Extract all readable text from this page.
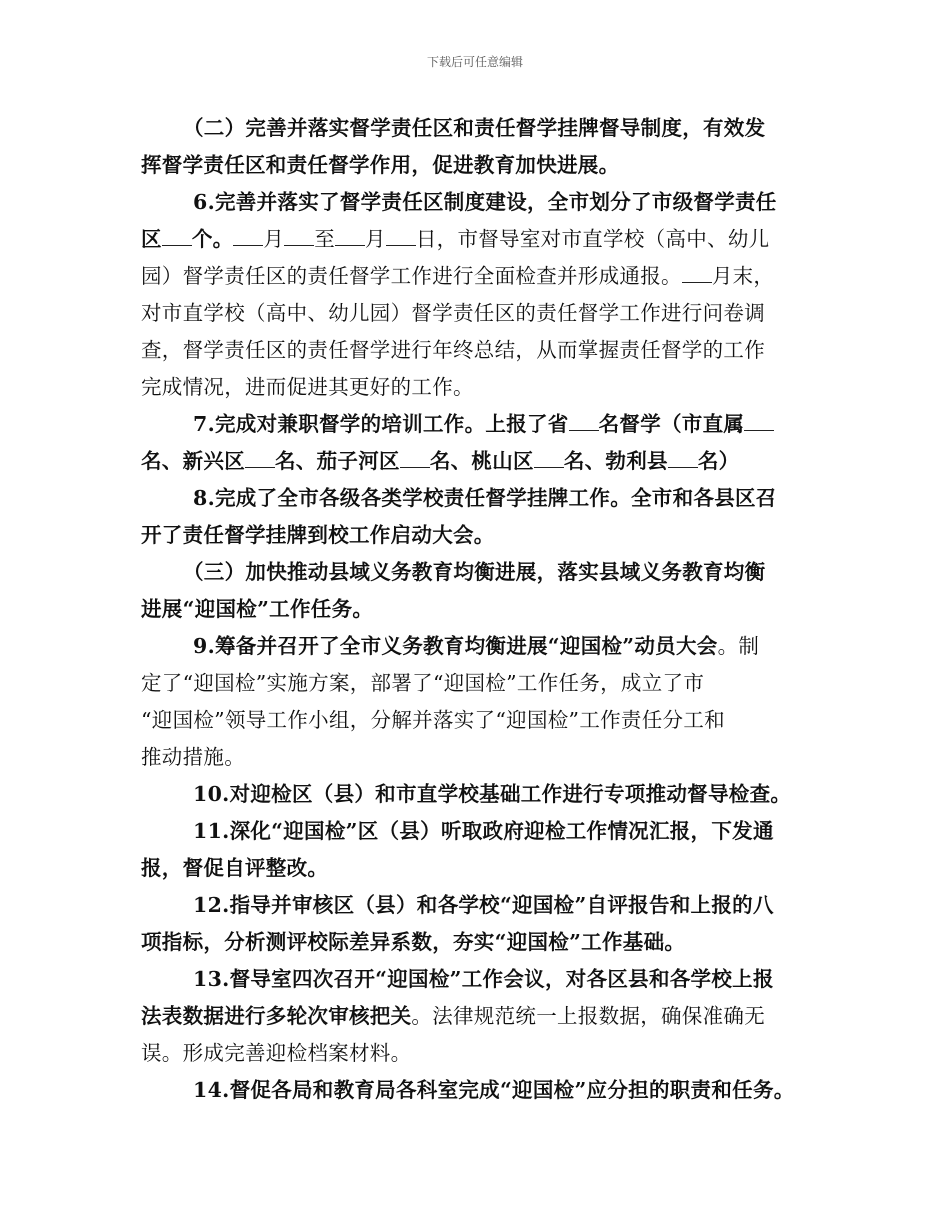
下载后可任意编辑
（二）完善并落实督学责任区和责任督学挂牌督导制度，有效发
挥督学责任区和责任督学作用，促进教育加快进展。
6.完善并落实了督学责任区制度建设，全市划分了市级督学责任
区 个。 月 至 月 日，市督导室对市直学校（高中、幼儿
园）督学责任区的责任督学工作进行全面检查并形成通报。 月末，
对市直学校（高中、幼儿园）督学责任区的责任督学工作进行问卷调
查，督学责任区的责任督学进行年终总结，从而掌握责任督学的工作
完成情况，进而促进其更好的工作。
7.完成对兼职督学的培训工作。上报了省 名督学（市直属
名、新兴区 名、茄子河区 名、桃山区 名、勃利县 名）
8.完成了全市各级各类学校责任督学挂牌工作。全市和各县区召
开了责任督学挂牌到校工作启动大会。
（三）加快推动县域义务教育均衡进展，落实县域义务教育均衡
进展“迎国检”工作任务。
9.筹备并召开了全市义务教育均衡进展“迎国检”动员大会。制
定了“迎国检”实施方案，部署了“迎国检”工作任务，成立了市
“迎国检”领导工作小组，分解并落实了“迎国检”工作责任分工和
推动措施。
10.对迎检区（县）和市直学校基础工作进行专项推动督导检查。
11.深化“迎国检”区（县）听取政府迎检工作情况汇报，下发通
报，督促自评整改。
12.指导并审核区（县）和各学校“迎国检”自评报告和上报的八
项指标，分析测评校际差异系数，夯实“迎国检”工作基础。
13.督导室四次召开“迎国检”工作会议，对各区县和各学校上报
法表数据进行多轮次审核把关。法律规范统一上报数据，确保准确无
误。形成完善迎检档案材料。
14.督促各局和教育局各科室完成“迎国检”应分担的职责和任务。
